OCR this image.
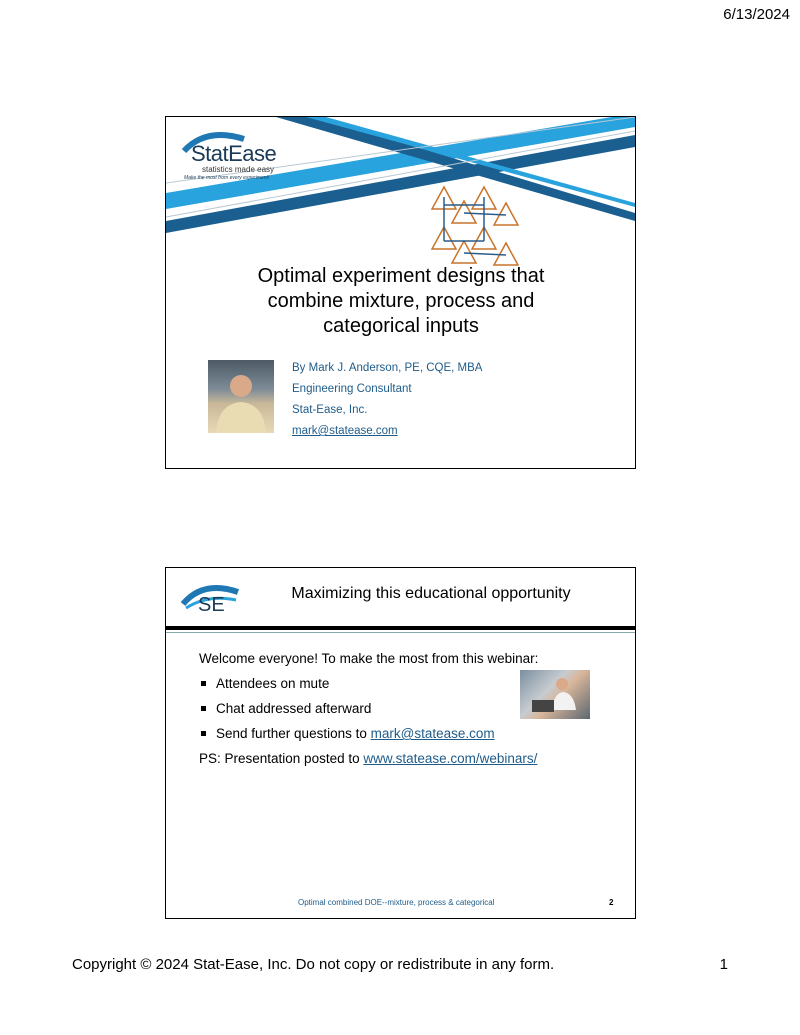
6/13/2024
StatEase
statistics made easy
Make the most from every experiment!
Optimal experiment designs that
combine mixture, process and
categorical inputs
By Mark J. Anderson, PE, CQE, MBA
Engineering Consultant
Stat-Ease, Inc.
mark@statease.com
SE
Maximizing this educational opportunity
Welcome everyone! To make the most from this webinar:
Attendees on mute
Chat addressed afterward
Send further questions to mark@statease.com
PS: Presentation posted to www.statease.com/webinars/
Optimal combined DOE--mixture, process & categorical	2
Copyright © 2024 Stat-Ease, Inc. Do not copy or redistribute in any form.	1
